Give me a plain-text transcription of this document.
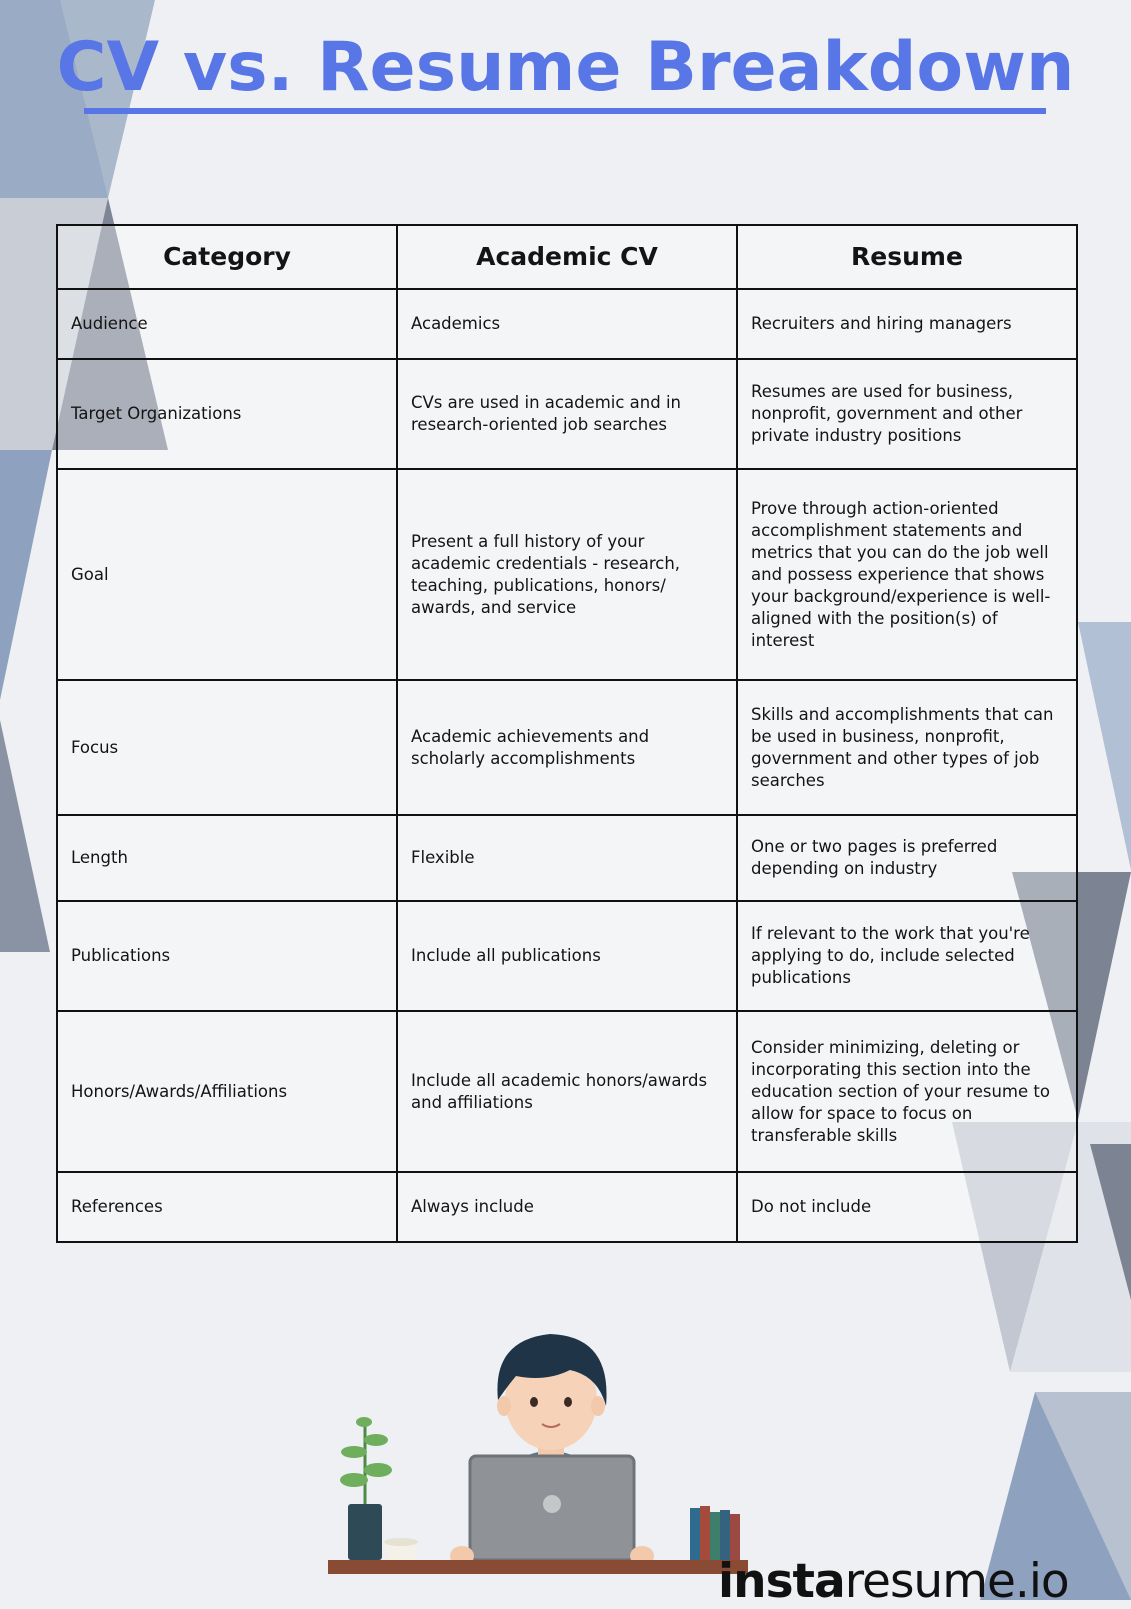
CV vs. Resume Breakdown
Category	Academic CV	Resume
Audience	Academics	Recruiters and hiring managers
Target Organizations	CVs are used in academic and in research-oriented job searches	Resumes are used for business, nonprofit, government and other private industry positions
Goal	Present a full history of your academic credentials - research, teaching, publications, honors/ awards, and service	Prove through action-oriented accomplishment statements and metrics that you can do the job well and possess experience that shows your background/experience is well-aligned with the position(s) of interest
Focus	Academic achievements and scholarly accomplishments	Skills and accomplishments that can be used in business, nonprofit, government and other types of job searches
Length	Flexible	One or two pages is preferred depending on industry
Publications	Include all publications	If relevant to the work that you're applying to do, include selected publications
Honors/Awards/Affiliations	Include all academic honors/awards and affiliations	Consider minimizing, deleting or incorporating this section into the education section of your resume to allow for space to focus on transferable skills
References	Always include	Do not include
instaresume.io
